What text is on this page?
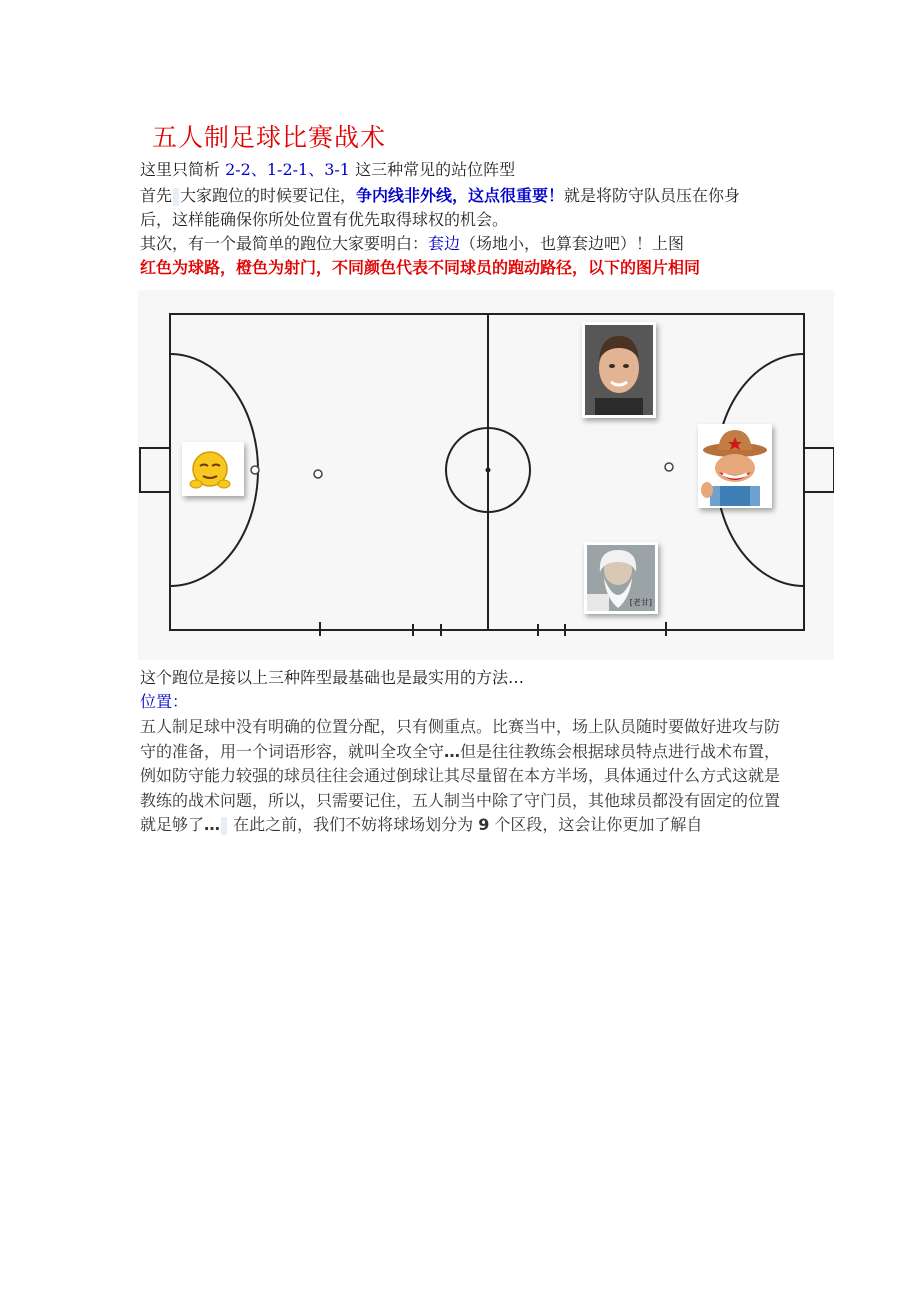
五人制足球比赛战术
这里只简析 2-2、1-2-1、3-1 这三种常见的站位阵型
首先 大家跑位的时候要记住，争内线非外线，这点很重要！就是将防守队员压在你身
后，这样能确保你所处位置有优先取得球权的机会。
其次，有一个最简单的跑位大家要明白：套边（场地小，也算套边吧）！上图
红色为球路，橙色为射门，不同颜色代表不同球员的跑动路径，以下的图片相同
[老甘]
这个跑位是接以上三种阵型最基础也是最实用的方法…
位置：
五人制足球中没有明确的位置分配，只有侧重点。比赛当中，场上队员随时要做好进攻与防守的准备，用一个词语形容，就叫全攻全守…但是往往教练会根据球员特点进行战术布置，例如防守能力较强的球员往往会通过倒球让其尽量留在本方半场，具体通过什么方式这就是教练的战术问题，所以，只需要记住，五人制当中除了守门员，其他球员都没有固定的位置就足够了… 在此之前，我们不妨将球场划分为 9 个区段，这会让你更加了解自
